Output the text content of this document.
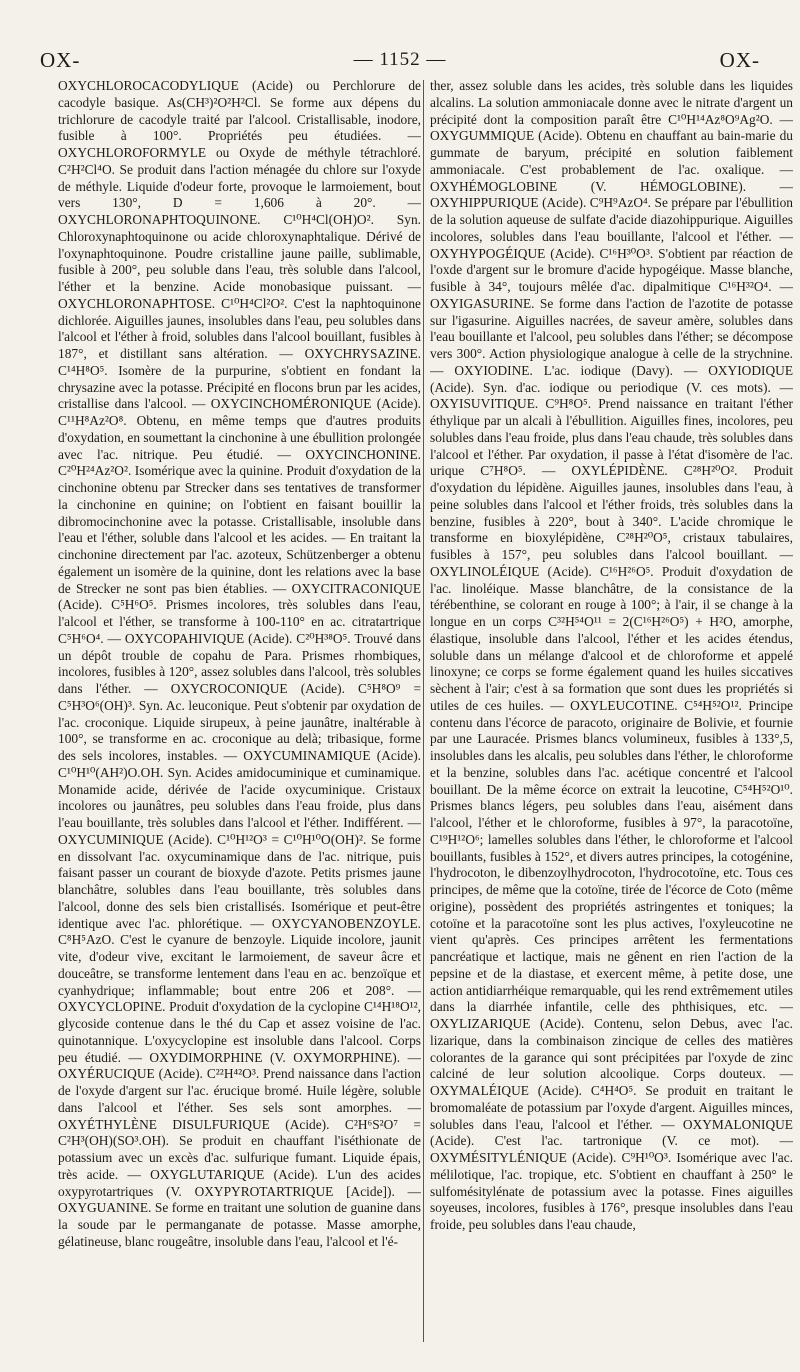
OX-	— 1152 —	OX-

OXYCHLOROCACODYLIQUE (Acide) ou Perchlorure de cacodyle basique. As(CH³)²O²H²Cl. Se forme aux dépens du trichlorure de cacodyle traité par l'alcool. Cristallisable, inodore, fusible à 100°. Propriétés peu étudiées. — OXYCHLOROFORMYLE ou Oxyde de méthyle tétrachloré. C²H²Cl⁴O. Se produit dans l'action ménagée du chlore sur l'oxyde de méthyle. Liquide d'odeur forte, provoque le larmoiement, bout vers 130°, D = 1,606 à 20°. — OXYCHLORONAPHTOQUINONE. C¹⁰H⁴Cl(OH)O². Syn. Chloroxynaphtoquinone ou acide chloroxynaphtalique. Dérivé de l'oxynaphtoquinone. Poudre cristalline jaune paille, sublimable, fusible à 200°, peu soluble dans l'eau, très soluble dans l'alcool, l'éther et la benzine. Acide monobasique puissant. — OXYCHLORONAPHTOSE. C¹⁰H⁴Cl²O². C'est la naphtoquinone dichlorée. Aiguilles jaunes, insolubles dans l'eau, peu solubles dans l'alcool et l'éther à froid, solubles dans l'alcool bouillant, fusibles à 187°, et distillant sans altération. — OXYCHRYSAZINE. C¹⁴H⁸O⁵. Isomère de la purpurine, s'obtient en fondant la chrysazine avec la potasse. Précipité en flocons brun par les acides, cristallise dans l'alcool. — OXYCINCHOMÉRONIQUE (Acide). C¹¹H⁸Az²O⁸. Obtenu, en même temps que d'autres produits d'oxydation, en soumettant la cinchonine à une ébullition prolongée avec l'ac. nitrique. Peu étudié. — OXYCINCHONINE. C²⁰H²⁴Az²O². Isomérique avec la quinine. Produit d'oxydation de la cinchonine obtenu par Strecker dans ses tentatives de transformer la cinchonine en quinine; on l'obtient en faisant bouillir la dibromocinchonine avec la potasse. Cristallisable, insoluble dans l'eau et l'éther, soluble dans l'alcool et les acides. — En traitant la cinchonine directement par l'ac. azoteux, Schützenberger a obtenu également un isomère de la quinine, dont les relations avec la base de Strecker ne sont pas bien établies. — OXYCITRACONIQUE (Acide). C⁵H⁶O⁵. Prismes incolores, très solubles dans l'eau, l'alcool et l'éther, se transforme à 100-110° en ac. citratartrique C⁵H⁶O⁴. — OXYCOPAHIVIQUE (Acide). C²⁰H³⁸O⁵. Trouvé dans un dépôt trouble de copahu de Para. Prismes rhombiques, incolores, fusibles à 120°, assez solubles dans l'alcool, très solubles dans l'éther. — OXYCROCONIQUE (Acide). C⁵H⁸O⁹ = C⁵H³O⁶(OH)³. Syn. Ac. leuconique. Peut s'obtenir par oxydation de l'ac. croconique. Liquide sirupeux, à peine jaunâtre, inaltérable à 100°, se transforme en ac. croconique au delà; tribasique, forme des sels incolores, instables. — OXYCUMINAMIQUE (Acide). C¹⁰H¹⁰(AH²)O.OH. Syn. Acides amidocuminique et cuminamique. Monamide acide, dérivée de l'acide oxycuminique. Cristaux incolores ou jaunâtres, peu solubles dans l'eau froide, plus dans l'eau bouillante, très solubles dans l'alcool et l'éther. Indifférent. — OXYCUMINIQUE (Acide). C¹⁰H¹²O³ = C¹⁰H¹⁰O(OH)². Se forme en dissolvant l'ac. oxycuminamique dans de l'ac. nitrique, puis faisant passer un courant de bioxyde d'azote. Petits prismes jaune blanchâtre, solubles dans l'eau bouillante, très solubles dans l'alcool, donne des sels bien cristallisés. Isomérique et peut-être identique avec l'ac. phlorétique. — OXYCYANOBENZOYLE. C⁸H⁵AzO. C'est le cyanure de benzoyle. Liquide incolore, jaunit vite, d'odeur vive, excitant le larmoiement, de saveur âcre et douceâtre, se transforme lentement dans l'eau en ac. benzoïque et cyanhydrique; inflammable; bout entre 206 et 208°. — OXYCYCLOPINE. Produit d'oxydation de la cyclopine C¹⁴H¹⁸O¹², glycoside contenue dans le thé du Cap et assez voisine de l'ac. quinotannique. L'oxycyclopine est insoluble dans l'alcool. Corps peu étudié. — OXYDIMORPHINE (V. OXYMORPHINE). — OXYÉRUCIQUE (Acide). C²²H⁴²O³. Prend naissance dans l'action de l'oxyde d'argent sur l'ac. érucique bromé. Huile légère, soluble dans l'alcool et l'éther. Ses sels sont amorphes. — OXYÉTHYLÈNE DISULFURIQUE (Acide). C²H⁶S²O⁷ = C²H³(OH)(SO³.OH). Se produit en chauffant l'iséthionate de potassium avec un excès d'ac. sulfurique fumant. Liquide épais, très acide. — OXYGLUTARIQUE (Acide). L'un des acides oxypyrotartriques (V. OXYPYROTARTRIQUE [Acide]). — OXYGUANINE. Se forme en traitant une solution de guanine dans la soude par le permanganate de potasse. Masse amorphe, gélatineuse, blanc rougeâtre, insoluble dans l'eau, l'alcool et l'é-

ther, assez soluble dans les acides, très soluble dans les liquides alcalins. La solution ammoniacale donne avec le nitrate d'argent un précipité dont la composition paraît être C¹⁰H¹⁴Az⁸O⁹Ag²O. — OXYGUMMIQUE (Acide). Obtenu en chauffant au bain-marie du gummate de baryum, précipité en solution faiblement ammoniacale. C'est probablement de l'ac. oxalique. — OXYHÉMOGLOBINE (V. HÉMOGLOBINE). — OXYHIPPURIQUE (Acide). C⁹H⁹AzO⁴. Se prépare par l'ébullition de la solution aqueuse de sulfate d'acide diazohippurique. Aiguilles incolores, solubles dans l'eau bouillante, l'alcool et l'éther. — OXYHYPOGÉIQUE (Acide). C¹⁶H³⁰O³. S'obtient par réaction de l'oxde d'argent sur le bromure d'acide hypogéique. Masse blanche, fusible à 34°, toujours mêlée d'ac. dipalmitique C¹⁶H³²O⁴. — OXYIGASURINE. Se forme dans l'action de l'azotite de potasse sur l'igasurine. Aiguilles nacrées, de saveur amère, solubles dans l'eau bouillante et l'alcool, peu solubles dans l'éther; se décompose vers 300°. Action physiologique analogue à celle de la strychnine. — OXYIODINE. L'ac. iodique (Davy). — OXYIODIQUE (Acide). Syn. d'ac. iodique ou periodique (V. ces mots). — OXYISUVITIQUE. C⁹H⁸O⁵. Prend naissance en traitant l'éther éthylique par un alcali à l'ébullition. Aiguilles fines, incolores, peu solubles dans l'eau froide, plus dans l'eau chaude, très solubles dans l'alcool et l'éther. Par oxydation, il passe à l'état d'isomère de l'ac. urique C⁷H⁸O⁵. — OXYLÉPIDÈNE. C²⁸H²⁰O². Produit d'oxydation du lépidène. Aiguilles jaunes, insolubles dans l'eau, à peine solubles dans l'alcool et l'éther froids, très solubles dans la benzine, fusibles à 220°, bout à 340°. L'acide chromique le transforme en bioxylépidène, C²⁸H²⁰O⁵, cristaux tabulaires, fusibles à 157°, peu solubles dans l'alcool bouillant. — OXYLINOLÉIQUE (Acide). C¹⁶H²⁶O⁵. Produit d'oxydation de l'ac. linoléique. Masse blanchâtre, de la consistance de la térébenthine, se colorant en rouge à 100°; à l'air, il se change à la longue en un corps C³²H⁵⁴O¹¹ = 2(C¹⁶H²⁶O⁵) + H²O, amorphe, élastique, insoluble dans l'alcool, l'éther et les acides étendus, soluble dans un mélange d'alcool et de chloroforme et appelé linoxyne; ce corps se forme également quand les huiles siccatives sèchent à l'air; c'est à sa formation que sont dues les propriétés si utiles de ces huiles. — OXYLEUCOTINE. C⁵⁴H⁵²O¹². Principe contenu dans l'écorce de paracoto, originaire de Bolivie, et fournie par une Lauracée. Prismes blancs volumineux, fusibles à 133°,5, insolubles dans les alcalis, peu solubles dans l'éther, le chloroforme et la benzine, solubles dans l'ac. acétique concentré et l'alcool bouillant. De la même écorce on extrait la leucotine, C⁵⁴H⁵²O¹⁰. Prismes blancs légers, peu solubles dans l'eau, aisément dans l'alcool, l'éther et le chloroforme, fusibles à 97°, la paracotoïne, C¹⁹H¹²O⁶; lamelles solubles dans l'éther, le chloroforme et l'alcool bouillants, fusibles à 152°, et divers autres principes, la cotogénine, l'hydrocoton, le dibenzoylhydrocoton, l'hydrocotoïne, etc. Tous ces principes, de même que la cotoïne, tirée de l'écorce de Coto (même origine), possèdent des propriétés astringentes et toniques; la cotoïne et la paracotoïne sont les plus actives, l'oxyleucotine ne vient qu'après. Ces principes arrêtent les fermentations pancréatique et lactique, mais ne gênent en rien l'action de la pepsine et de la diastase, et exercent même, à petite dose, une action antidiarrhéique remarquable, qui les rend extrêmement utiles dans la diarrhée infantile, celle des phthisiques, etc. — OXYLIZARIQUE (Acide). Contenu, selon Debus, avec l'ac. lizarique, dans la combinaison zincique de celles des matières colorantes de la garance qui sont précipitées par l'oxyde de zinc calciné de leur solution alcoolique. Corps douteux. — OXYMALÉIQUE (Acide). C⁴H⁴O⁵. Se produit en traitant le bromomaléate de potassium par l'oxyde d'argent. Aiguilles minces, solubles dans l'eau, l'alcool et l'éther. — OXYMALONIQUE (Acide). C'est l'ac. tartronique (V. ce mot). — OXYMÉSITYLÉNIQUE (Acide). C⁹H¹⁰O³. Isomérique avec l'ac. mélilotique, l'ac. tropique, etc. S'obtient en chauffant à 250° le sulfomésitylénate de potassium avec la potasse. Fines aiguilles soyeuses, incolores, fusibles à 176°, presque insolubles dans l'eau froide, peu solubles dans l'eau chaude,
